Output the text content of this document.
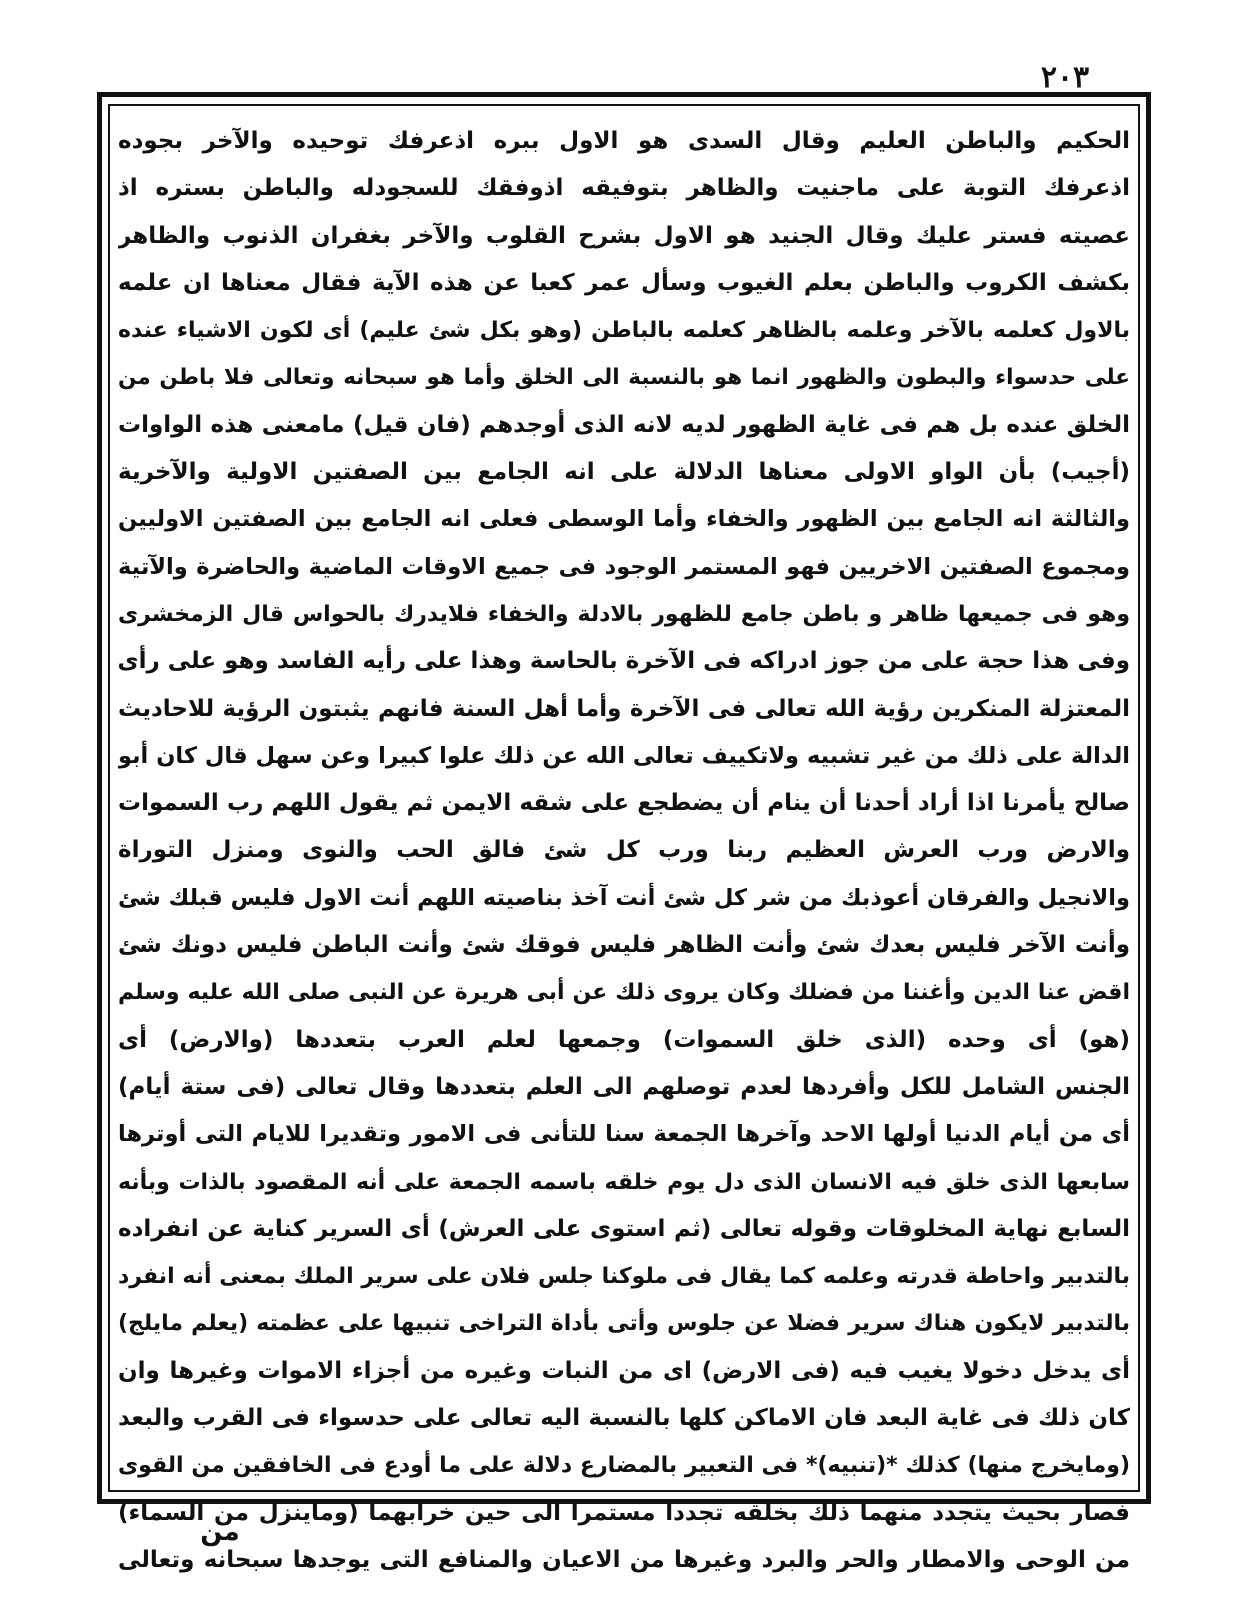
٢٠٣
الحكيم والباطن العليم وقال السدى هو الاول ببره اذعرفك توحيده والآخر بجوده
اذعرفك التوبة على ماجنيت والظاهر بتوفيقه اذوفقك للسجودله والباطن بستره اذ
عصيته فستر عليك وقال الجنيد هو الاول بشرح القلوب والآخر بغفران الذنوب والظاهر
بكشف الكروب والباطن بعلم الغيوب وسأل عمر كعبا عن هذه الآية فقال معناها ان علمه
بالاول كعلمه بالآخر وعلمه بالظاهر كعلمه بالباطن (وهو بكل شئ عليم) أى لكون الاشياء عنده
على حدسواء والبطون والظهور انما هو بالنسبة الى الخلق وأما هو سبحانه وتعالى فلا باطن من
الخلق عنده بل هم فى غاية الظهور لديه لانه الذى أوجدهم (فان قيل) مامعنى هذه الواوات
(أجيب) بأن الواو الاولى معناها الدلالة على انه الجامع بين الصفتين الاولية والآخرية
والثالثة انه الجامع بين الظهور والخفاء وأما الوسطى فعلى انه الجامع بين الصفتين الاوليين
ومجموع الصفتين الاخريين فهو المستمر الوجود فى جميع الاوقات الماضية والحاضرة والآتية
وهو فى جميعها ظاهر و باطن جامع للظهور بالادلة والخفاء فلايدرك بالحواس قال الزمخشرى
وفى هذا حجة على من جوز ادراكه فى الآخرة بالحاسة وهذا على رأيه الفاسد وهو على رأى
المعتزلة المنكرين رؤية الله تعالى فى الآخرة وأما أهل السنة فانهم يثبتون الرؤية للاحاديث
الدالة على ذلك من غير تشبيه ولاتكييف تعالى الله عن ذلك علوا كبيرا وعن سهل قال كان أبو
صالح يأمرنا اذا أراد أحدنا أن ينام أن يضطجع على شقه الايمن ثم يقول اللهم رب السموات
والارض ورب العرش العظيم ربنا ورب كل شئ فالق الحب والنوى ومنزل التوراة
والانجيل والفرقان أعوذبك من شر كل شئ أنت آخذ بناصيته اللهم أنت الاول فليس قبلك شئ
وأنت الآخر فليس بعدك شئ وأنت الظاهر فليس فوقك شئ وأنت الباطن فليس دونك شئ
اقض عنا الدين وأغننا من فضلك وكان يروى ذلك عن أبى هريرة عن النبى صلى الله عليه وسلم
(هو) أى وحده (الذى خلق السموات) وجمعها لعلم العرب بتعددها (والارض) أى
الجنس الشامل للكل وأفردها لعدم توصلهم الى العلم بتعددها وقال تعالى (فى ستة أيام)
أى من أيام الدنيا أولها الاحد وآخرها الجمعة سنا للتأنى فى الامور وتقديرا للايام التى أوترها
سابعها الذى خلق فيه الانسان الذى دل يوم خلقه باسمه الجمعة على أنه المقصود بالذات وبأنه
السابع نهاية المخلوقات وقوله تعالى (ثم استوى على العرش) أى السرير كناية عن انفراده
بالتدبير واحاطة قدرته وعلمه كما يقال فى ملوكنا جلس فلان على سرير الملك بمعنى أنه انفرد
بالتدبير لايكون هناك سرير فضلا عن جلوس وأتى بأداة التراخى تنبيها على عظمته (يعلم مايلج)
أى يدخل دخولا يغيب فيه (فى الارض) اى من النبات وغيره من أجزاء الاموات وغيرها وان
كان ذلك فى غاية البعد فان الاماكن كلها بالنسبة اليه تعالى على حدسواء فى القرب والبعد
(ومايخرج منها) كذلك *(تنبيه)* فى التعبير بالمضارع دلالة على ما أودع فى الخافقين من القوى
فصار بحيث يتجدد منهما ذلك بخلقه تجددا مستمرا الى حين خرابهما (وماينزل من السماء)
من الوحى والامطار والحر والبرد وغيرها من الاعيان والمنافع التى يوجدها سبحانه وتعالى
من
